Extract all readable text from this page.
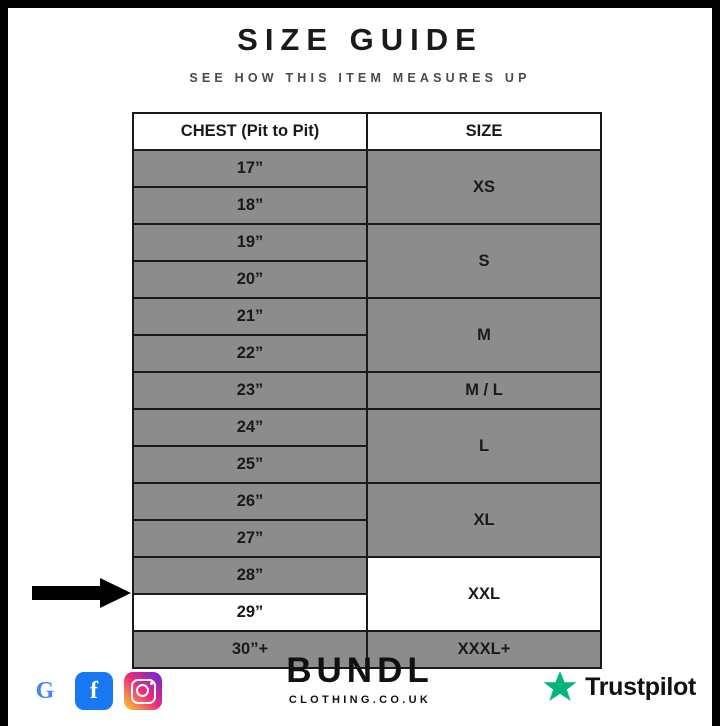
SIZE GUIDE
SEE HOW THIS ITEM MEASURES UP
CHEST (Pit to Pit)	SIZE
17”	XS
18”	
19”	S
20”	
21”	M
22”	
23”	M / L
24”	L
25”	
26”	XL
27”	
28”	XXL
29”	
30”+	XXXL+
G	f
BUNDL
CLOTHING.CO.UK	Trustpilot
